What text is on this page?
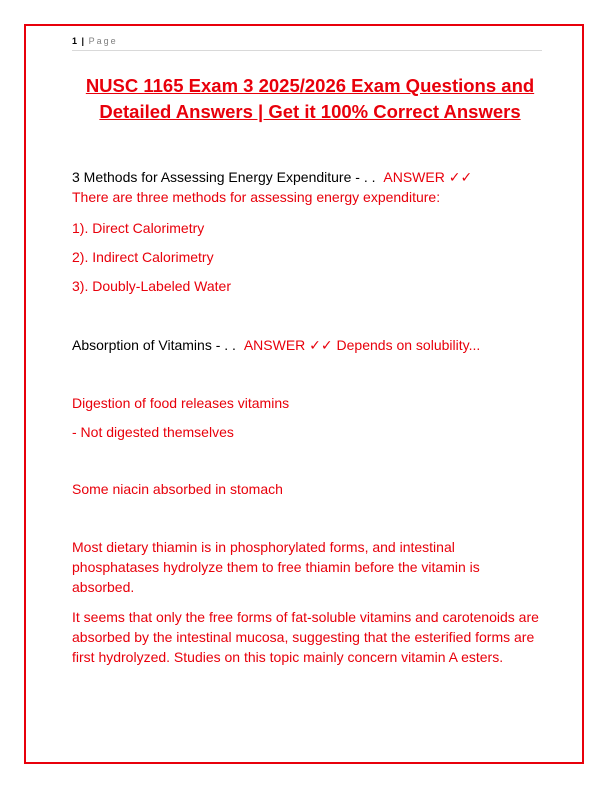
1 | Page
NUSC 1165 Exam 3 2025/2026 Exam Questions and Detailed Answers | Get it 100% Correct Answers

3 Methods for Assessing Energy Expenditure - . . ANSWER ✓✓

There are three methods for assessing energy expenditure:

1). Direct Calorimetry
2). Indirect Calorimetry
3). Doubly-Labeled Water
Absorption of Vitamins - . . ANSWER ✓✓ Depends on solubility...
Digestion of food releases vitamins
- Not digested themselves
Some niacin absorbed in stomach
Most dietary thiamin is in phosphorylated forms, and intestinal phosphatases hydrolyze them to free thiamin before the vitamin is absorbed.
It seems that only the free forms of fat-soluble vitamins and carotenoids are absorbed by the intestinal mucosa, suggesting that the esterified forms are first hydrolyzed. Studies on this topic mainly concern vitamin A esters.
